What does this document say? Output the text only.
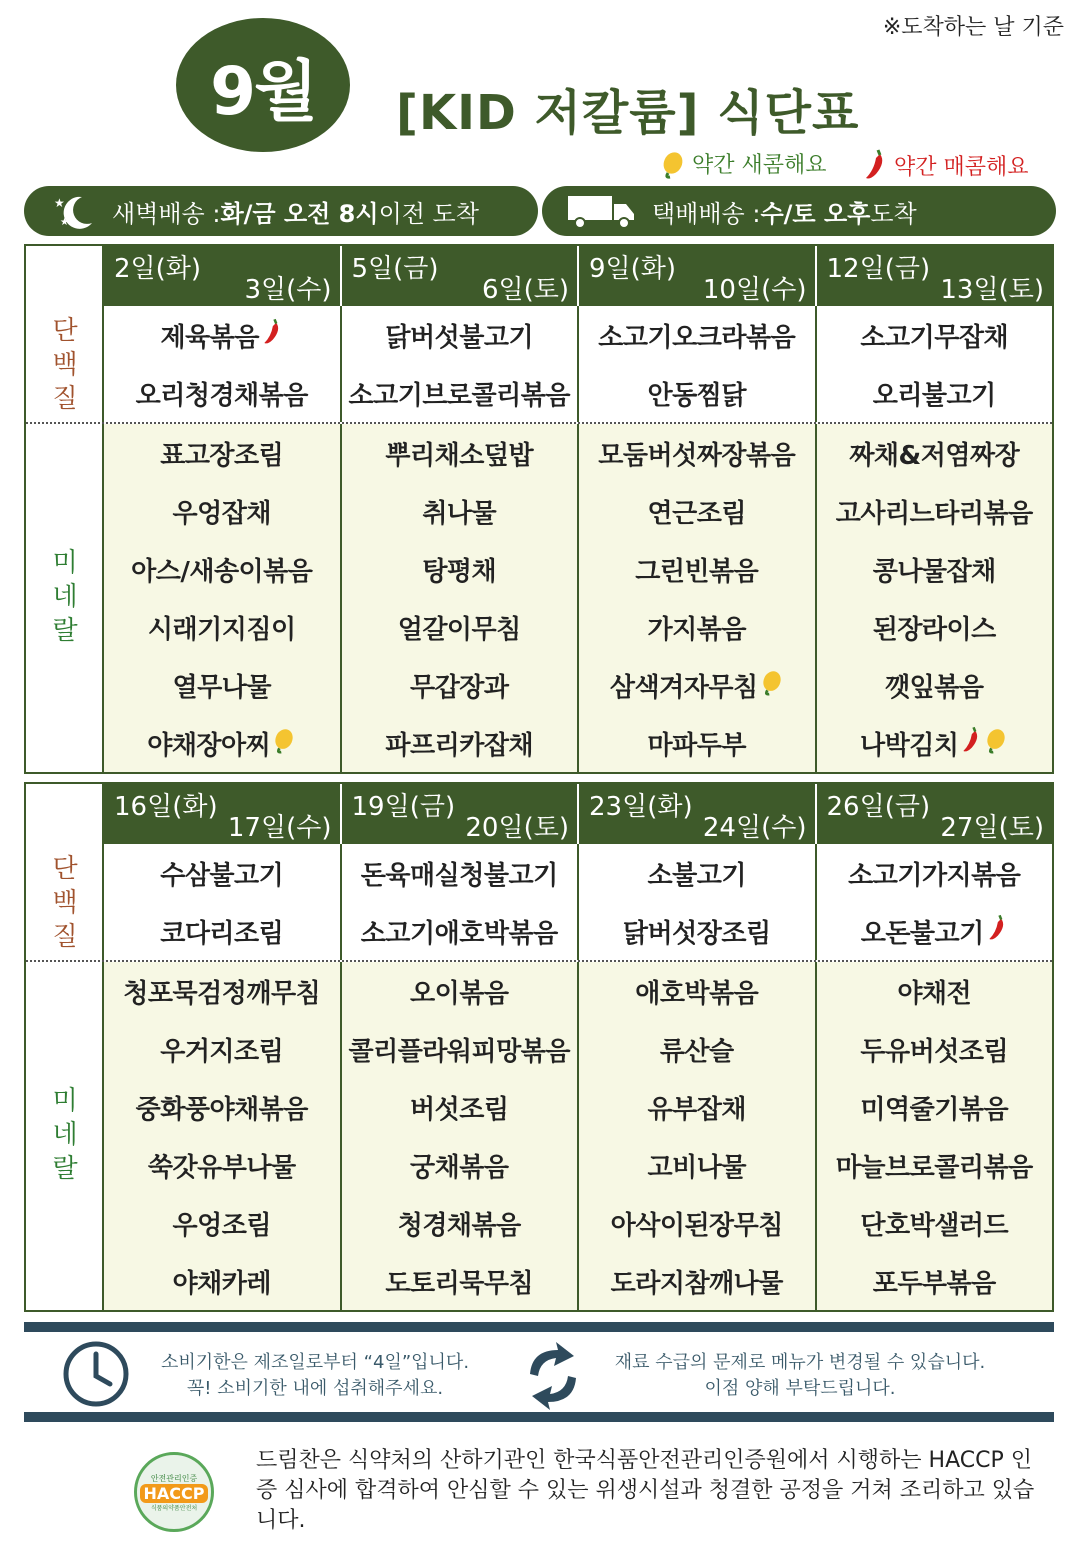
※도착하는 날 기준
9월 [KID 저칼륨] 식단표
약간 새콤해요	약간 매콤해요
★
★ 새벽배송 : 화/금 오전 8시 이전 도착	택배배송 : 수/토 오후 도착
2일(화)
3일(수)
5일(금)
6일(토)
9일(화)
10일(수)
12일(금)
13일(토)
제육볶음
오리청경채볶음
닭버섯불고기
소고기브로콜리볶음
소고기오크라볶음
안동찜닭
소고기무잡채
오리불고기
표고장조림
우엉잡채
아스/새송이볶음
시래기지짐이
열무나물
야채장아찌
뿌리채소덮밥
취나물
탕평채
얼갈이무침
무갑장과
파프리카잡채
모둠버섯짜장볶음
연근조림
그린빈볶음
가지볶음
삼색겨자무침
마파두부
짜채&저염짜장
고사리느타리볶음
콩나물잡채
된장라이스
깻잎볶음
나박김치
단
백
질
미
네
랄
16일(화)
17일(수)
19일(금)
20일(토)
23일(화)
24일(수)
26일(금)
27일(토)
수삼불고기
코다리조림
돈육매실청불고기
소고기애호박볶음
소불고기
닭버섯장조림
소고기가지볶음
오돈불고기
청포묵검정깨무침
우거지조림
중화풍야채볶음
쑥갓유부나물
우엉조림
야채카레
오이볶음
콜리플라워피망볶음
버섯조림
궁채볶음
청경채볶음
도토리묵무침
애호박볶음
류산슬
유부잡채
고비나물
아삭이된장무침
도라지참깨나물
야채전
두유버섯조림
미역줄기볶음
마늘브로콜리볶음
단호박샐러드
포두부볶음
단
백
질
미
네
랄
소비기한은 제조일로부터 “4일”입니다.
꼭! 소비기한 내에 섭취해주세요.
재료 수급의 문제로 메뉴가 변경될 수 있습니다.
이점 양해 부탁드립니다.
안전관리인증
HACCP
식품의약품안전처
드림찬은 식약처의 산하기관인 한국식품안전관리인증원에서 시행하는 HACCP 인증 심사에 합격하여 안심할 수 있는 위생시설과 청결한 공정을 거쳐 조리하고 있습니다.
